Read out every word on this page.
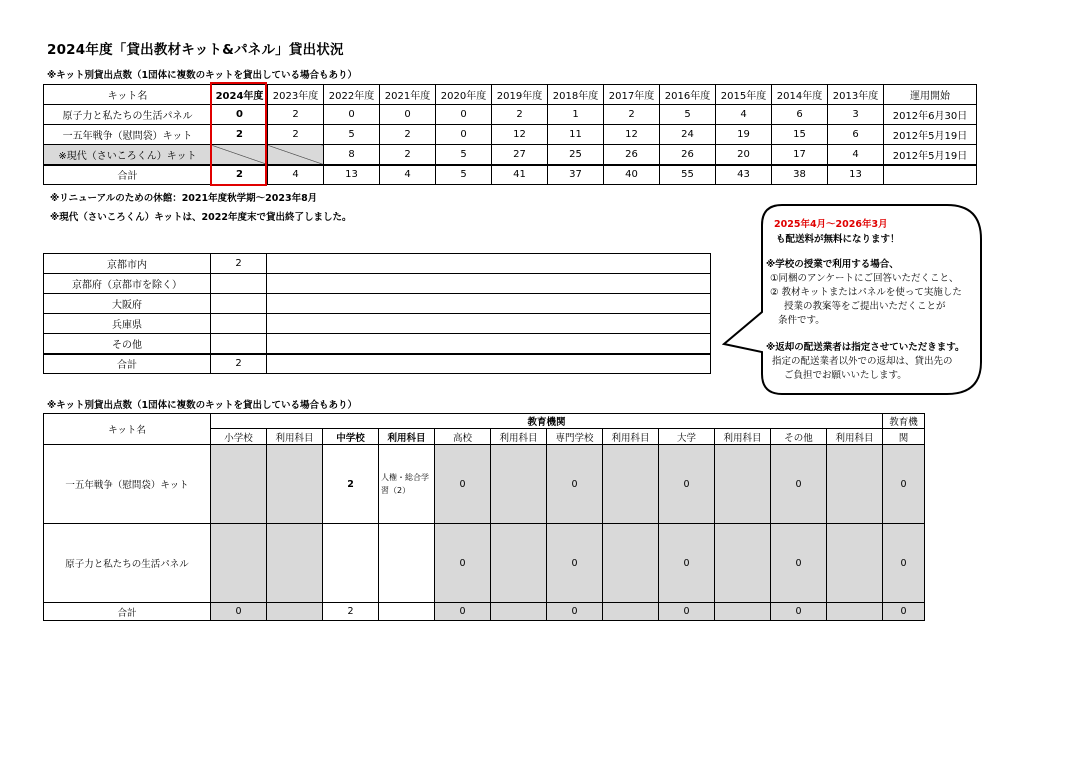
2024年度「貸出教材キット&パネル」貸出状況
※キット別貸出点数（1団体に複数のキットを貸出している場合もあり）
キット名	2024年度	2023年度	2022年度	2021年度	2020年度	2019年度	2018年度	2017年度	2016年度	2015年度	2014年度	2013年度	運用開始
原子力と私たちの生活パネル	0	2	0	0	0	2	1	2	5	4	6	3	2012年6月30日
一五年戦争（慰問袋）キット	2	2	5	2	0	12	11	12	24	19	15	6	2012年5月19日
※現代（さいころくん）キット			8	2	5	27	25	26	26	20	17	4	2012年5月19日
合計	2	4	13	4	5	41	37	40	55	43	38	13	
※リニューアルのための休館：2021年度秋学期～2023年8月
※現代（さいころくん）キットは、2022年度末で貸出終了しました。
京都市内	2	
京都府（京都市を除く）		
大阪府		
兵庫県		
その他		
合計	2	
2025年4月～2026年3月
も配送料が無料になります！
※学校の授業で利用する場合、
①同梱のアンケートにご回答いただくこと、
② 教材キットまたはパネルを使って実施した
授業の教案等をご提出いただくことが
条件です。
※返却の配送業者は指定させていただきます。
指定の配送業者以外での返却は、貸出先の
ご負担でお願いいたします。
※キット別貸出点数（1団体に複数のキットを貸出している場合もあり）
キット名	教育機関												教育機
	小学校	利用科目	中学校	利用科目	高校	利用科目	専門学校	利用科目	大学	利用科目	その他	利用科目	関
一五年戦争（慰問袋）キット			2	人権・総合学習（2）	0		0		0		0		0
原子力と私たちの生活パネル					0		0		0		0		0
合計	0		2		0		0		0		0		0
